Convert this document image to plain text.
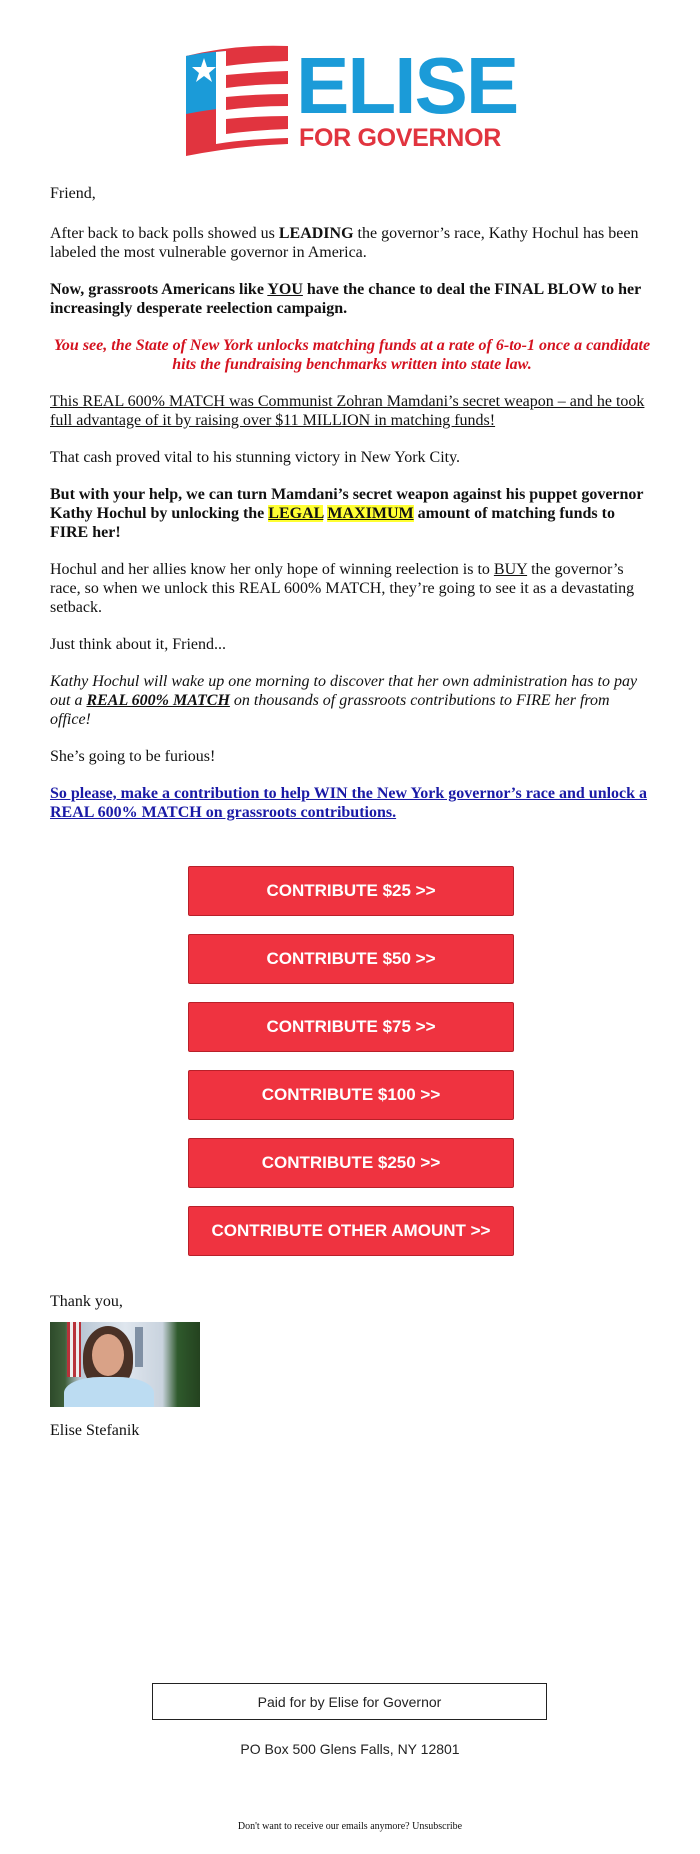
ELISE
FOR GOVERNOR

Friend,

After back to back polls showed us LEADING the governor’s race, Kathy Hochul has been labeled the most vulnerable governor in America.

Now, grassroots Americans like YOU have the chance to deal the FINAL BLOW to her increasingly desperate reelection campaign.

You see, the State of New York unlocks matching funds at a rate of 6-to-1 once a candidate hits the fundraising benchmarks written into state law.

This REAL 600% MATCH was Communist Zohran Mamdani’s secret weapon – and he took full advantage of it by raising over $11 MILLION in matching funds!

That cash proved vital to his stunning victory in New York City.

But with your help, we can turn Mamdani’s secret weapon against his puppet governor Kathy Hochul by unlocking the LEGAL MAXIMUM amount of matching funds to FIRE her!

Hochul and her allies know her only hope of winning reelection is to BUY the governor’s race, so when we unlock this REAL 600% MATCH, they’re going to see it as a devastating setback.

Just think about it, Friend...

Kathy Hochul will wake up one morning to discover that her own administration has to pay out a REAL 600% MATCH on thousands of grassroots contributions to FIRE her from office!

She’s going to be furious!

So please, make a contribution to help WIN the New York governor’s race and unlock a REAL 600% MATCH on grassroots contributions.

CONTRIBUTE $25 >>
CONTRIBUTE $50 >>
CONTRIBUTE $75 >>
CONTRIBUTE $100 >>
CONTRIBUTE $250 >>
CONTRIBUTE OTHER AMOUNT >>

Thank you,

Elise Stefanik

Paid for by Elise for Governor
PO Box 500 Glens Falls, NY 12801
Don't want to receive our emails anymore? Unsubscribe
